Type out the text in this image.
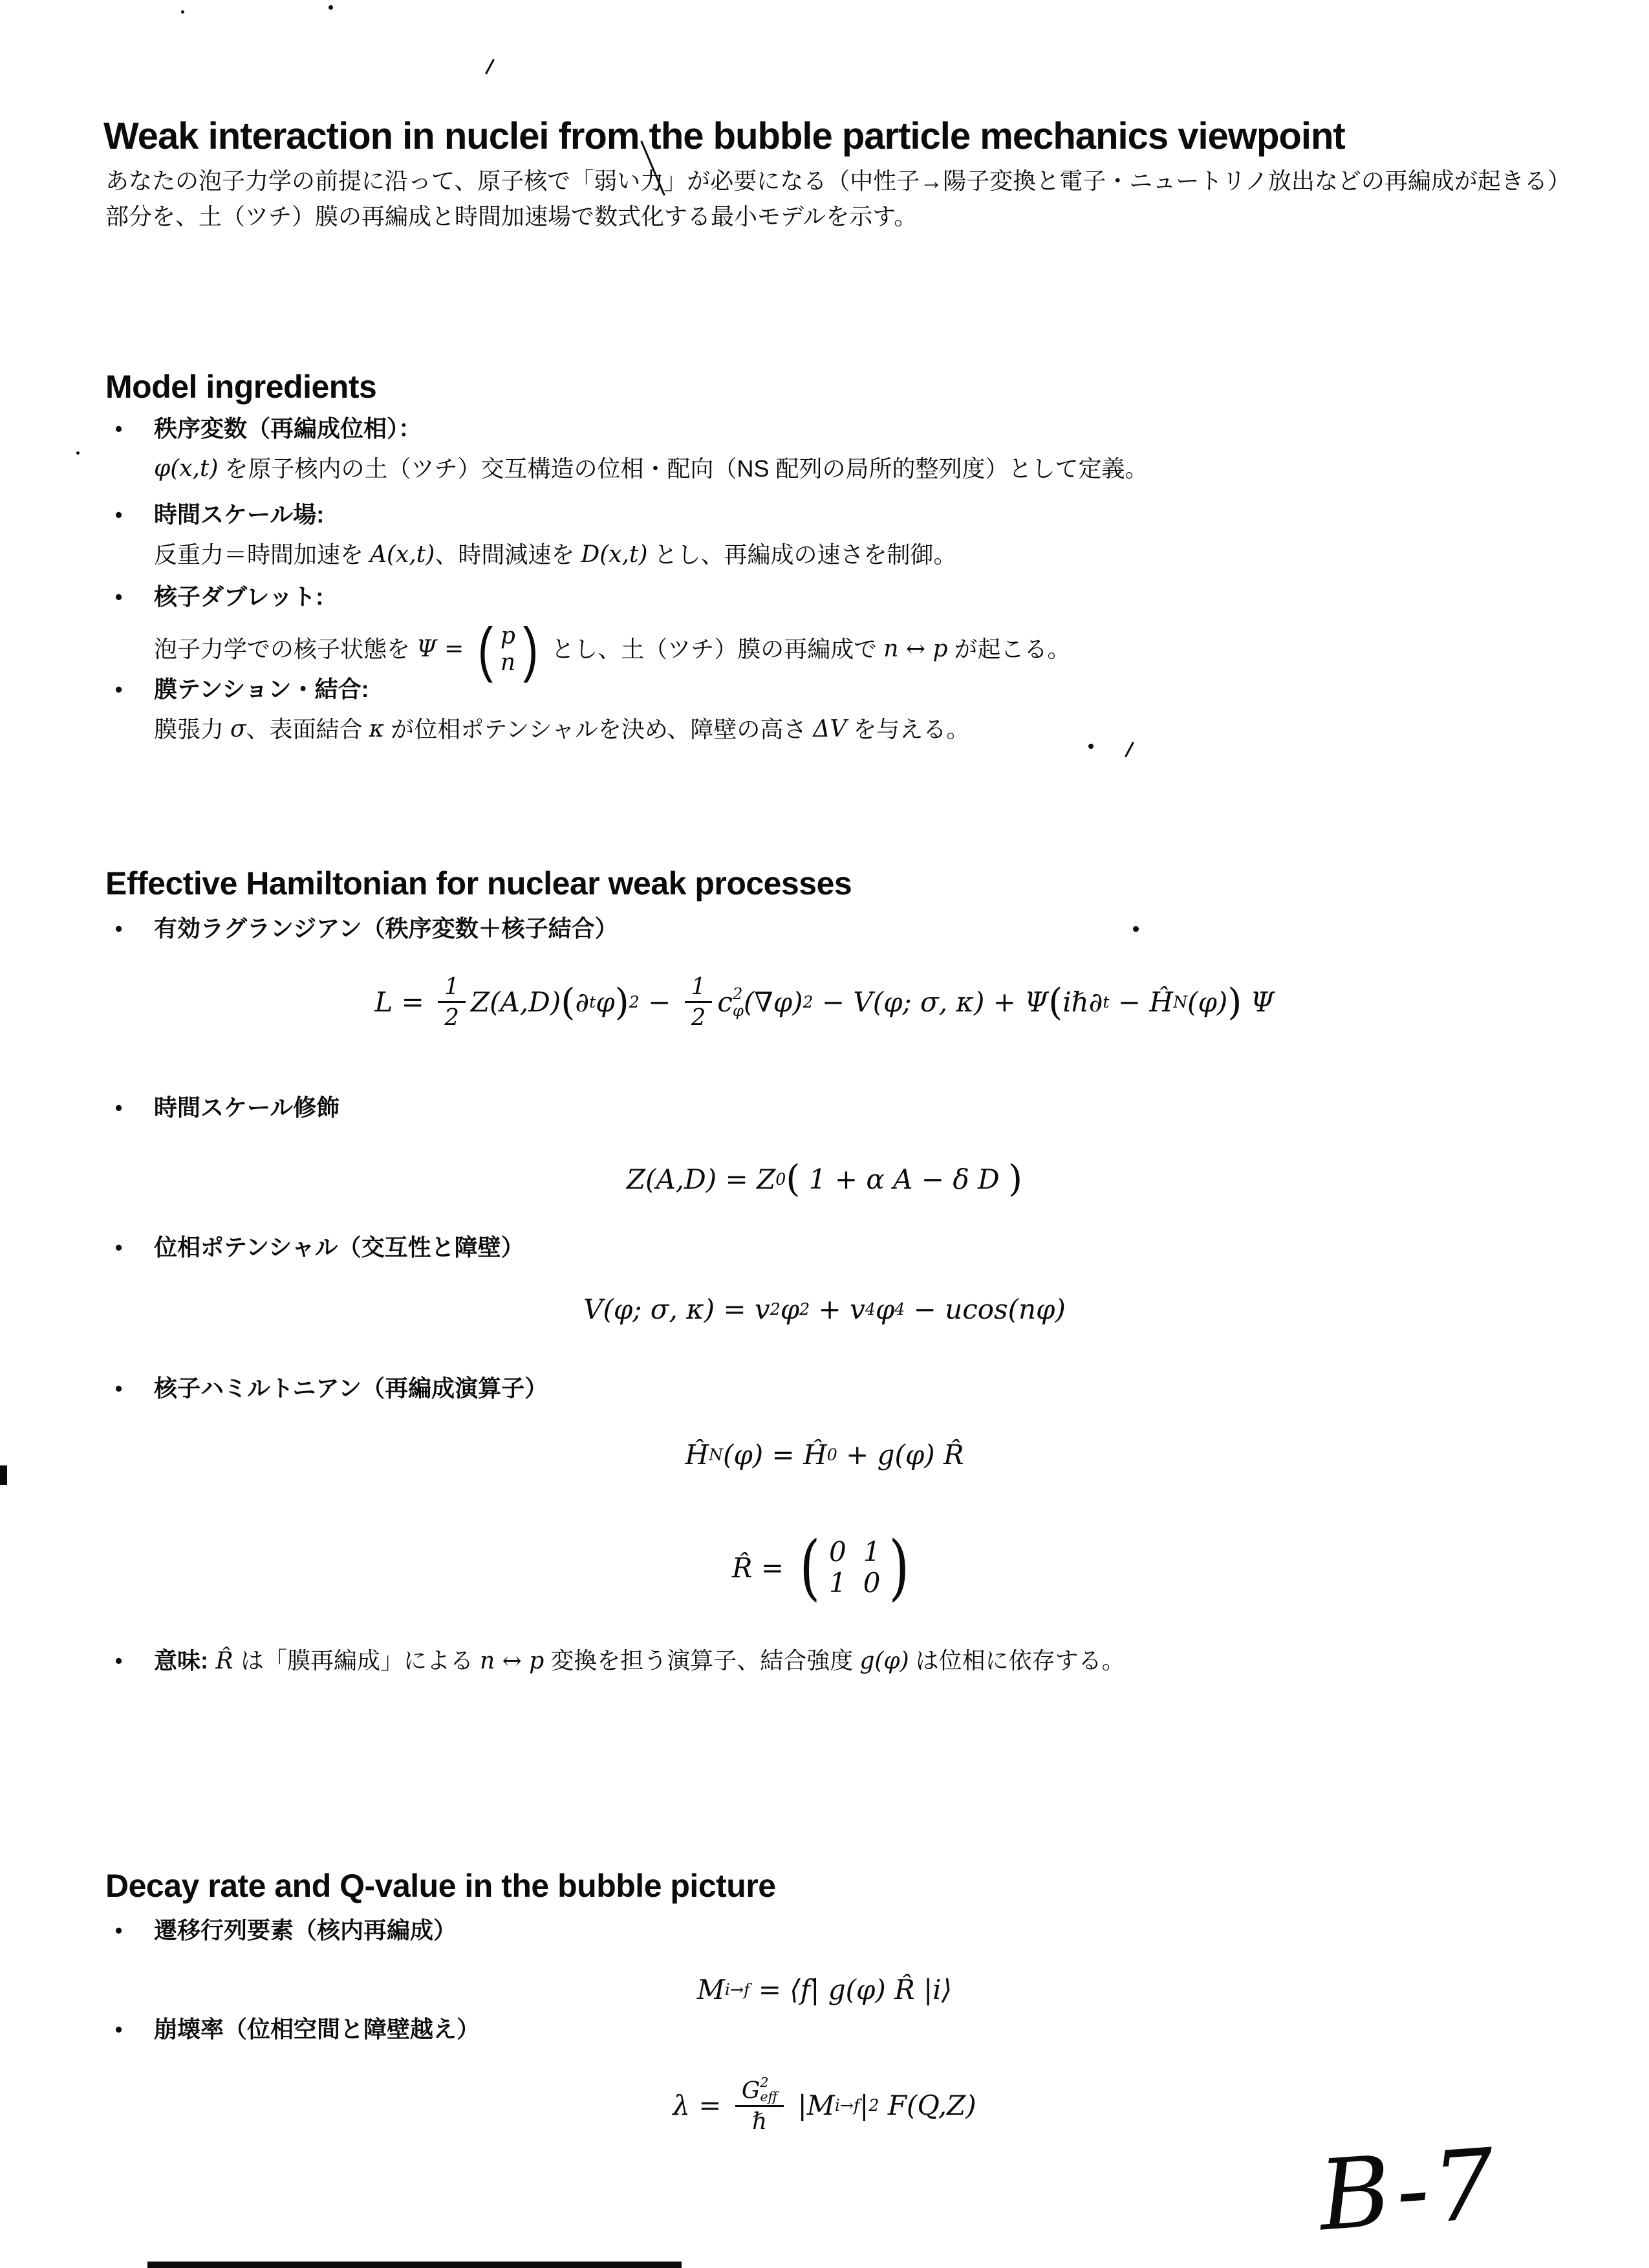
Weak interaction in nuclei from the bubble particle mechanics viewpoint
あなたの泡子力学の前提に沿って、原子核で「弱い力」が必要になる（中性子→陽子変換と電子・ニュートリノ放出などの再編成が起きる）
部分を、土（ツチ）膜の再編成と時間加速場で数式化する最小モデルを示す。
Model ingredients
•	秩序変数（再編成位相）：
φ(x,t) を原子核内の土（ツチ）交互構造の位相・配向（NS 配列の局所的整列度）として定義。
•	時間スケール場:
反重力＝時間加速を A(x,t) 、時間減速を D(x,t) とし、再編成の速さを制御。
•	核子ダブレット:
泡子力学での核子状態を Ψ = ( p
n ) とし、土（ツチ）膜の再編成で n ↔ p が起こる。
•	膜テンション・結合:
膜張力 σ 、表面結合 κ が位相ポテンシャルを決め、障壁の高さ ΔV を与える。
Effective Hamiltonian for nuclear weak processes
•	有効ラグランジアン（秩序変数＋核子結合）
$L = \frac{1}{2} Z(A,D)$ ( ∂ t φ ) $2 - \frac{1}{2}$ c 2
φ (∇φ) 2 − V(φ; σ, κ) + Ψ ( iℏ∂ t − Ĥ N (φ) ) Ψ
•	時間スケール修飾
Z(A,D) = Z 0 ( 1 + α A − δ D )
•	位相ポテンシャル（交互性と障壁）
V(φ; σ, κ) = v 2 φ 2 + v 4 φ 4 − ucos(nφ)
•	核子ハミルトニアン（再編成演算子）
Ĥ N (φ) = Ĥ 0 + g(φ) R̂
R̂ = ( 0 1
1 0 )
•	意味: R̂ は「膜再編成」による n ↔ p 変換を担う演算子、結合強度 g(φ) は位相に依存する。
Decay rate and Q-value in the bubble picture
•	遷移行列要素（核内再編成）
M i→f = ⟨f| g(φ) R̂ |i⟩
•	崩壊率（位相空間と障壁越え）
λ = G 2
eff
ℏ |M i→f | 2 F(Q,Z)
B-7
